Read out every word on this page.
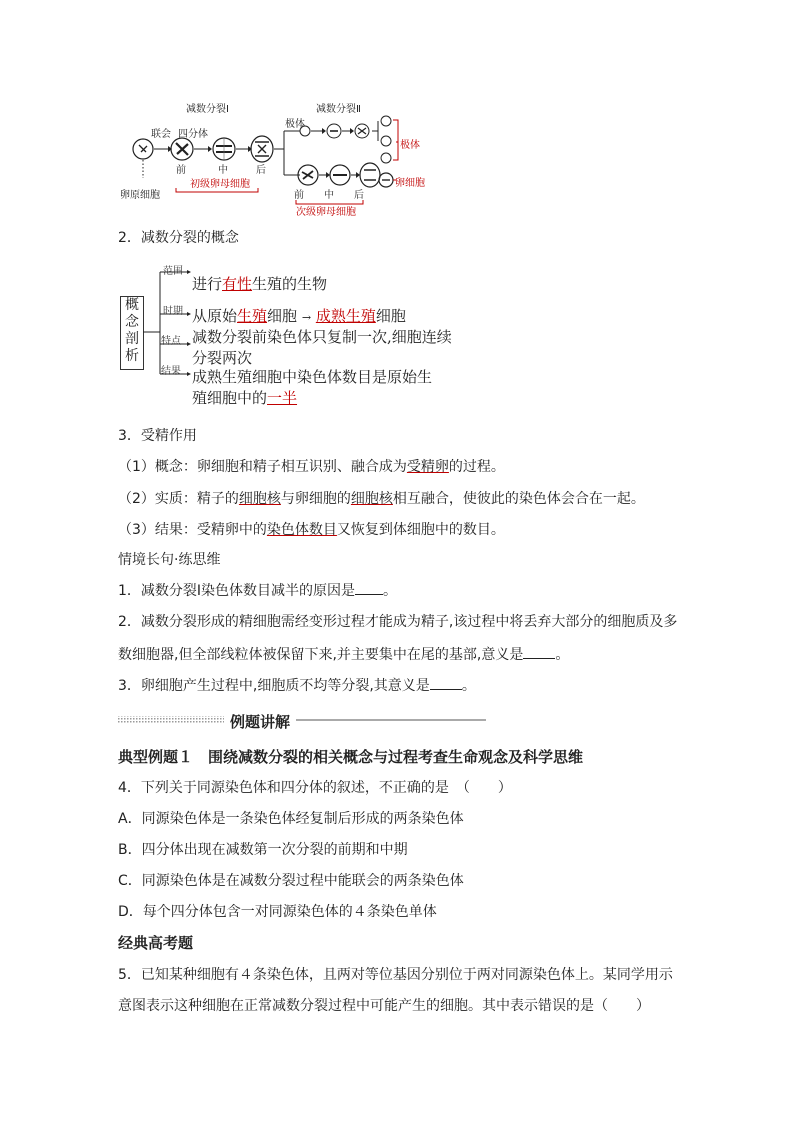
减数分裂Ⅰ	减数分裂Ⅱ
联会 四分体
极体
卵原细胞
前	中	后
前 中 后
初级卵母细胞
次级卵母细胞
极体
卵细胞
2．减数分裂的概念
概念剖析
范围
时期
特点
结果
进行有性生殖的生物
从原始生殖细胞 → 成熟生殖细胞
减数分裂前染色体只复制一次,细胞连续
分裂两次
成熟生殖细胞中染色体数目是原始生
殖细胞中的一半
3．受精作用
（1）概念：卵细胞和精子相互识别、融合成为受精卵的过程。
（2）实质：精子的细胞核与卵细胞的细胞核相互融合，使彼此的染色体会合在一起。
（3）结果：受精卵中的染色体数目又恢复到体细胞中的数目。
情境长句·练思维
1．减数分裂Ⅰ染色体数目减半的原因是 。
2．减数分裂形成的精细胞需经变形过程才能成为精子,该过程中将丢弃大部分的细胞质及多
数细胞器,但全部线粒体被保留下来,并主要集中在尾的基部,意义是 。
3．卵细胞产生过程中,细胞质不均等分裂,其意义是 。
例题讲解
典型例题１　 围绕减数分裂的相关概念与过程考查生命观念及科学思维
4．下列关于同源染色体和四分体的叙述，不正确的是　（　　）
A．同源染色体是一条染色体经复制后形成的两条染色体
B．四分体出现在减数第一次分裂的前期和中期
C．同源染色体是在减数分裂过程中能联会的两条染色体
D．每个四分体包含一对同源染色体的４条染色单体
经典高考题
5．已知某种细胞有４条染色体，且两对等位基因分别位于两对同源染色体上。某同学用示
意图表示这种细胞在正常减数分裂过程中可能产生的细胞。其中表示错误的是（　　）
